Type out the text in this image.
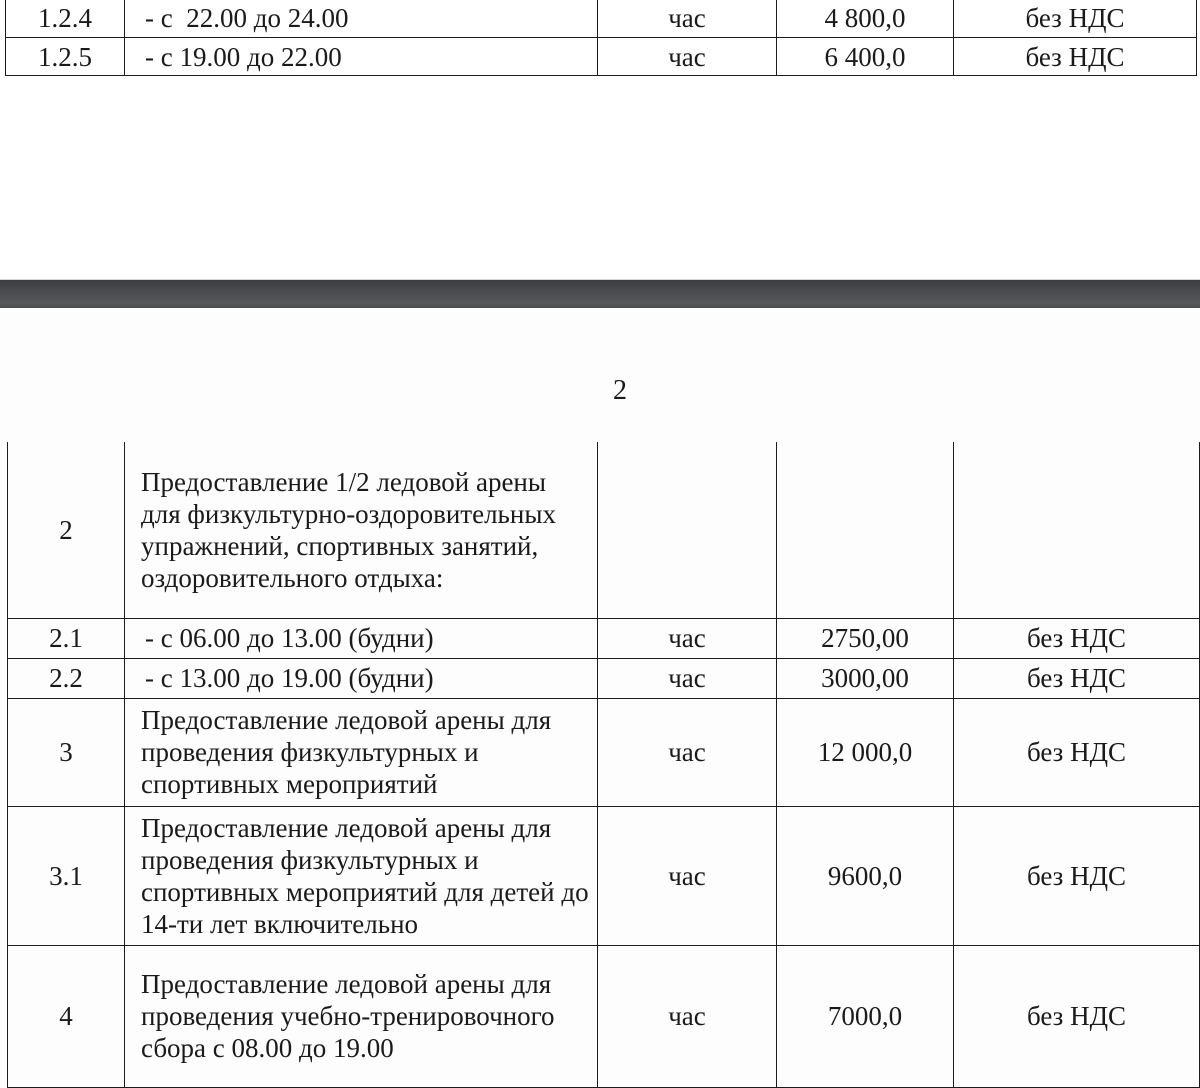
1.2.4	- с  22.00 до 24.00	час	4 800,0	без НДС
1.2.5	- с 19.00 до 22.00	час	6 400,0	без НДС
2
2	Предоставление 1/2 ледовой арены для физкультурно-оздоровительных упражнений, спортивных занятий, оздоровительного отдыха:			
2.1	- с 06.00 до 13.00 (будни)	час	2750,00	без НДС
2.2	- с 13.00 до 19.00 (будни)	час	3000,00	без НДС
3	Предоставление ледовой арены для проведения физкультурных и спортивных мероприятий	час	12 000,0	без НДС
3.1	Предоставление ледовой арены для проведения физкультурных и спортивных мероприятий для детей до 14-ти лет включительно	час	9600,0	без НДС
4	Предоставление ледовой арены для проведения учебно-тренировочного сбора с 08.00 до 19.00	час	7000,0	без НДС
